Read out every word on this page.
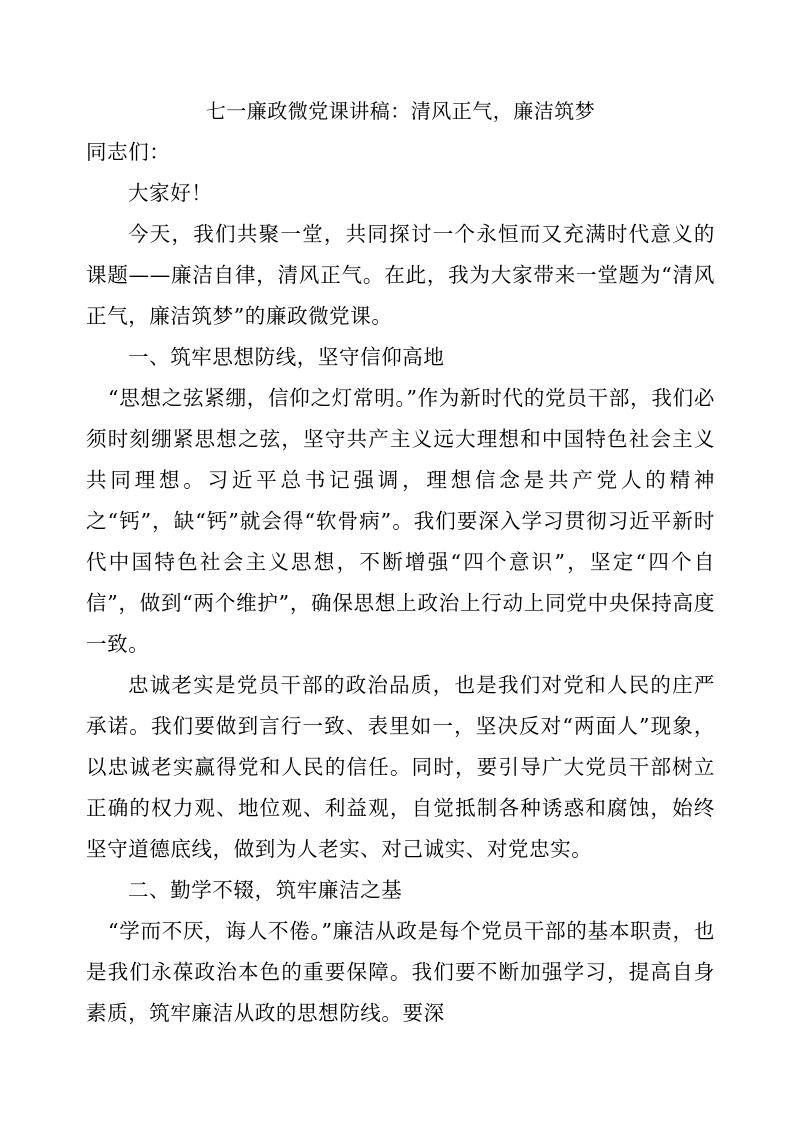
七一廉政微党课讲稿：清风正气，廉洁筑梦

同志们：

大家好！

今天，我们共聚一堂，共同探讨一个永恒而又充满时代意义的课题——廉洁自律，清风正气。在此，我为大家带来一堂题为“清风正气，廉洁筑梦”的廉政微党课。

一、筑牢思想防线，坚守信仰高地

“思想之弦紧绷，信仰之灯常明。”作为新时代的党员干部，我们必须时刻绷紧思想之弦，坚守共产主义远大理想和中国特色社会主义共同理想。习近平总书记强调，理想信念是共产党人的精神之“钙”，缺“钙”就会得“软骨病”。我们要深入学习贯彻习近平新时代中国特色社会主义思想，不断增强“四个意识”，坚定“四个自信”，做到“两个维护”，确保思想上政治上行动上同党中央保持高度一致。

忠诚老实是党员干部的政治品质，也是我们对党和人民的庄严承诺。我们要做到言行一致、表里如一，坚决反对“两面人”现象，以忠诚老实赢得党和人民的信任。同时，要引导广大党员干部树立正确的权力观、地位观、利益观，自觉抵制各种诱惑和腐蚀，始终坚守道德底线，做到为人老实、对己诚实、对党忠实。

二、勤学不辍，筑牢廉洁之基

“学而不厌，诲人不倦。”廉洁从政是每个党员干部的基本职责，也是我们永葆政治本色的重要保障。我们要不断加强学习，提高自身素质，筑牢廉洁从政的思想防线。要深
